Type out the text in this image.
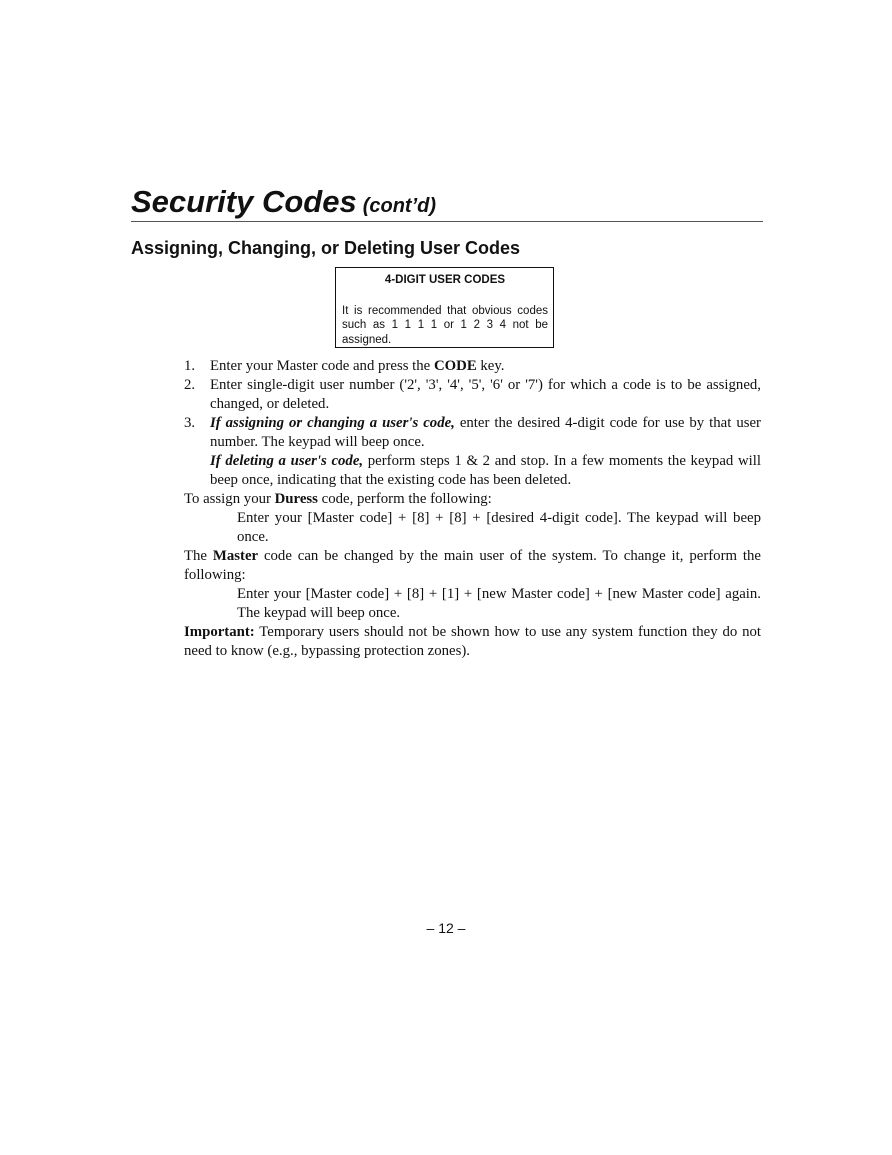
Security Codes (cont’d)
Assigning, Changing, or Deleting User Codes
4-DIGIT USER CODES
It is recommended that obvious codes such as 1 1 1 1 or 1 2 3 4 not be assigned.
1.	Enter your Master code and press the CODE key.
2.	Enter single-digit user number ('2', '3', '4', '5', '6' or '7') for which a code is to be assigned, changed, or deleted.
3.	If assigning or changing a user's code, enter the desired 4-digit code for use by that user number. The keypad will beep once.
If deleting a user's code, perform steps 1 & 2 and stop. In a few moments the keypad will beep once, indicating that the existing code has been deleted.

To assign your Duress code, perform the following:

Enter your [Master code] + [8] + [8] + [desired 4-digit code]. The keypad will beep once.

The Master code can be changed by the main user of the system. To change it, perform the following:

Enter your [Master code] + [8] + [1] + [new Master code] + [new Master code] again. The keypad will beep once.

Important: Temporary users should not be shown how to use any system function they do not need to know (e.g., bypassing protection zones).

– 12 –
